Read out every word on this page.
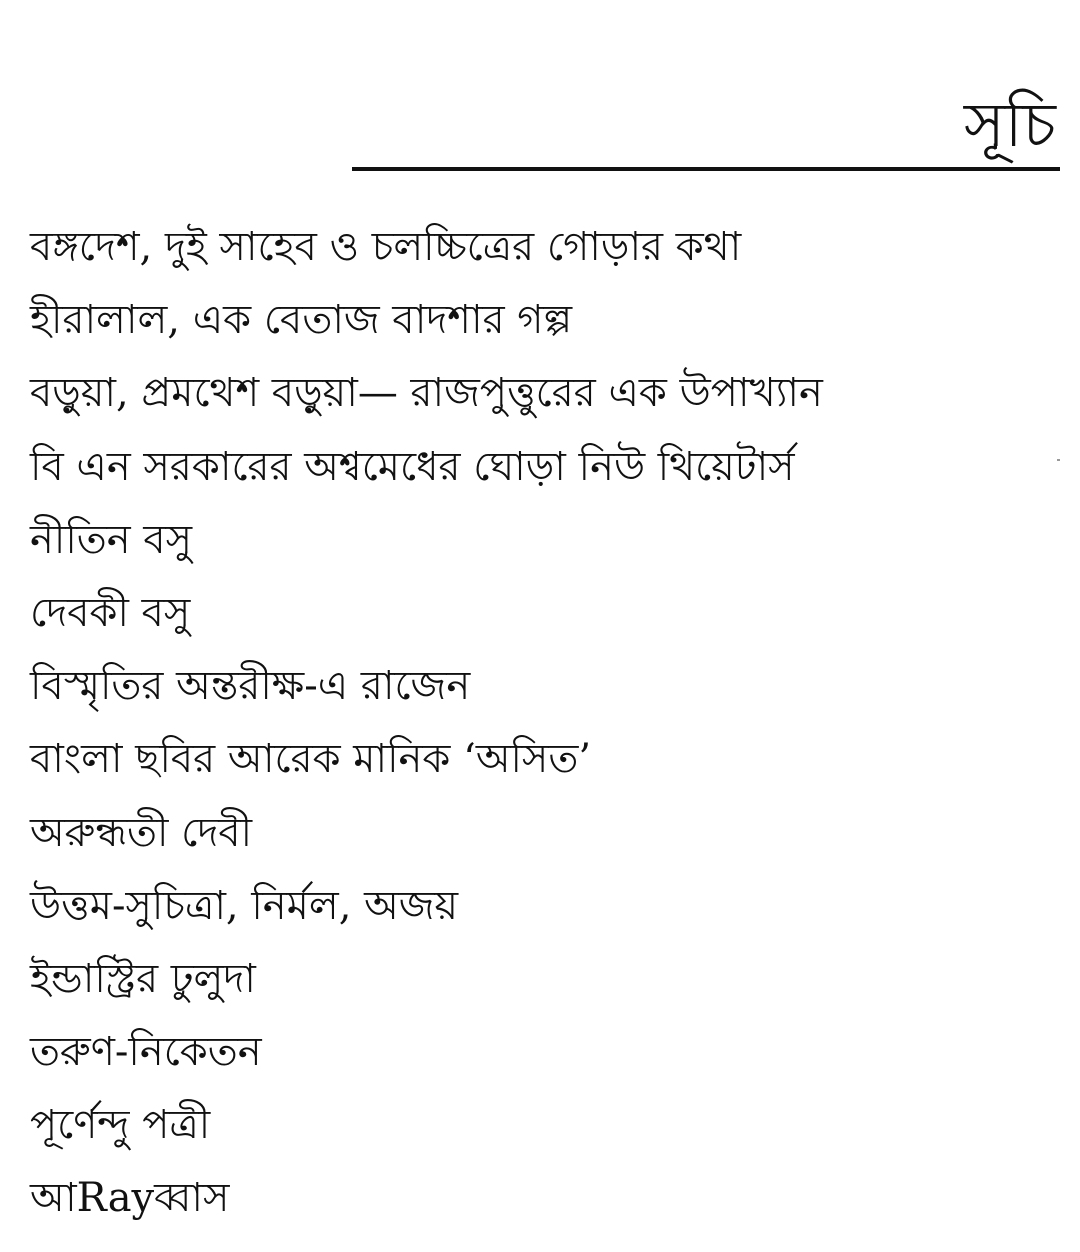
সূচি
বঙ্গদেশ, দুই সাহেব ও চলচ্চিত্রের গোড়ার কথা
হীরালাল, এক বেতাজ বাদশার গল্প
বড়ুয়া, প্রমথেশ বড়ুয়া— রাজপুত্তুরের এক উপাখ্যান
বি এন সরকারের অশ্বমেধের ঘোড়া নিউ থিয়েটার্স
নীতিন বসু
দেবকী বসু
বিস্মৃতির অন্তরীক্ষ-এ রাজেন
বাংলা ছবির আরেক মানিক ‘অসিত’
অরুন্ধতী দেবী
উত্তম-সুচিত্রা, নির্মল, অজয়
ইন্ডাস্ট্রির ঢুলুদা
তরুণ-নিকেতন
পূর্ণেন্দু পত্রী
আRayব্বাস
